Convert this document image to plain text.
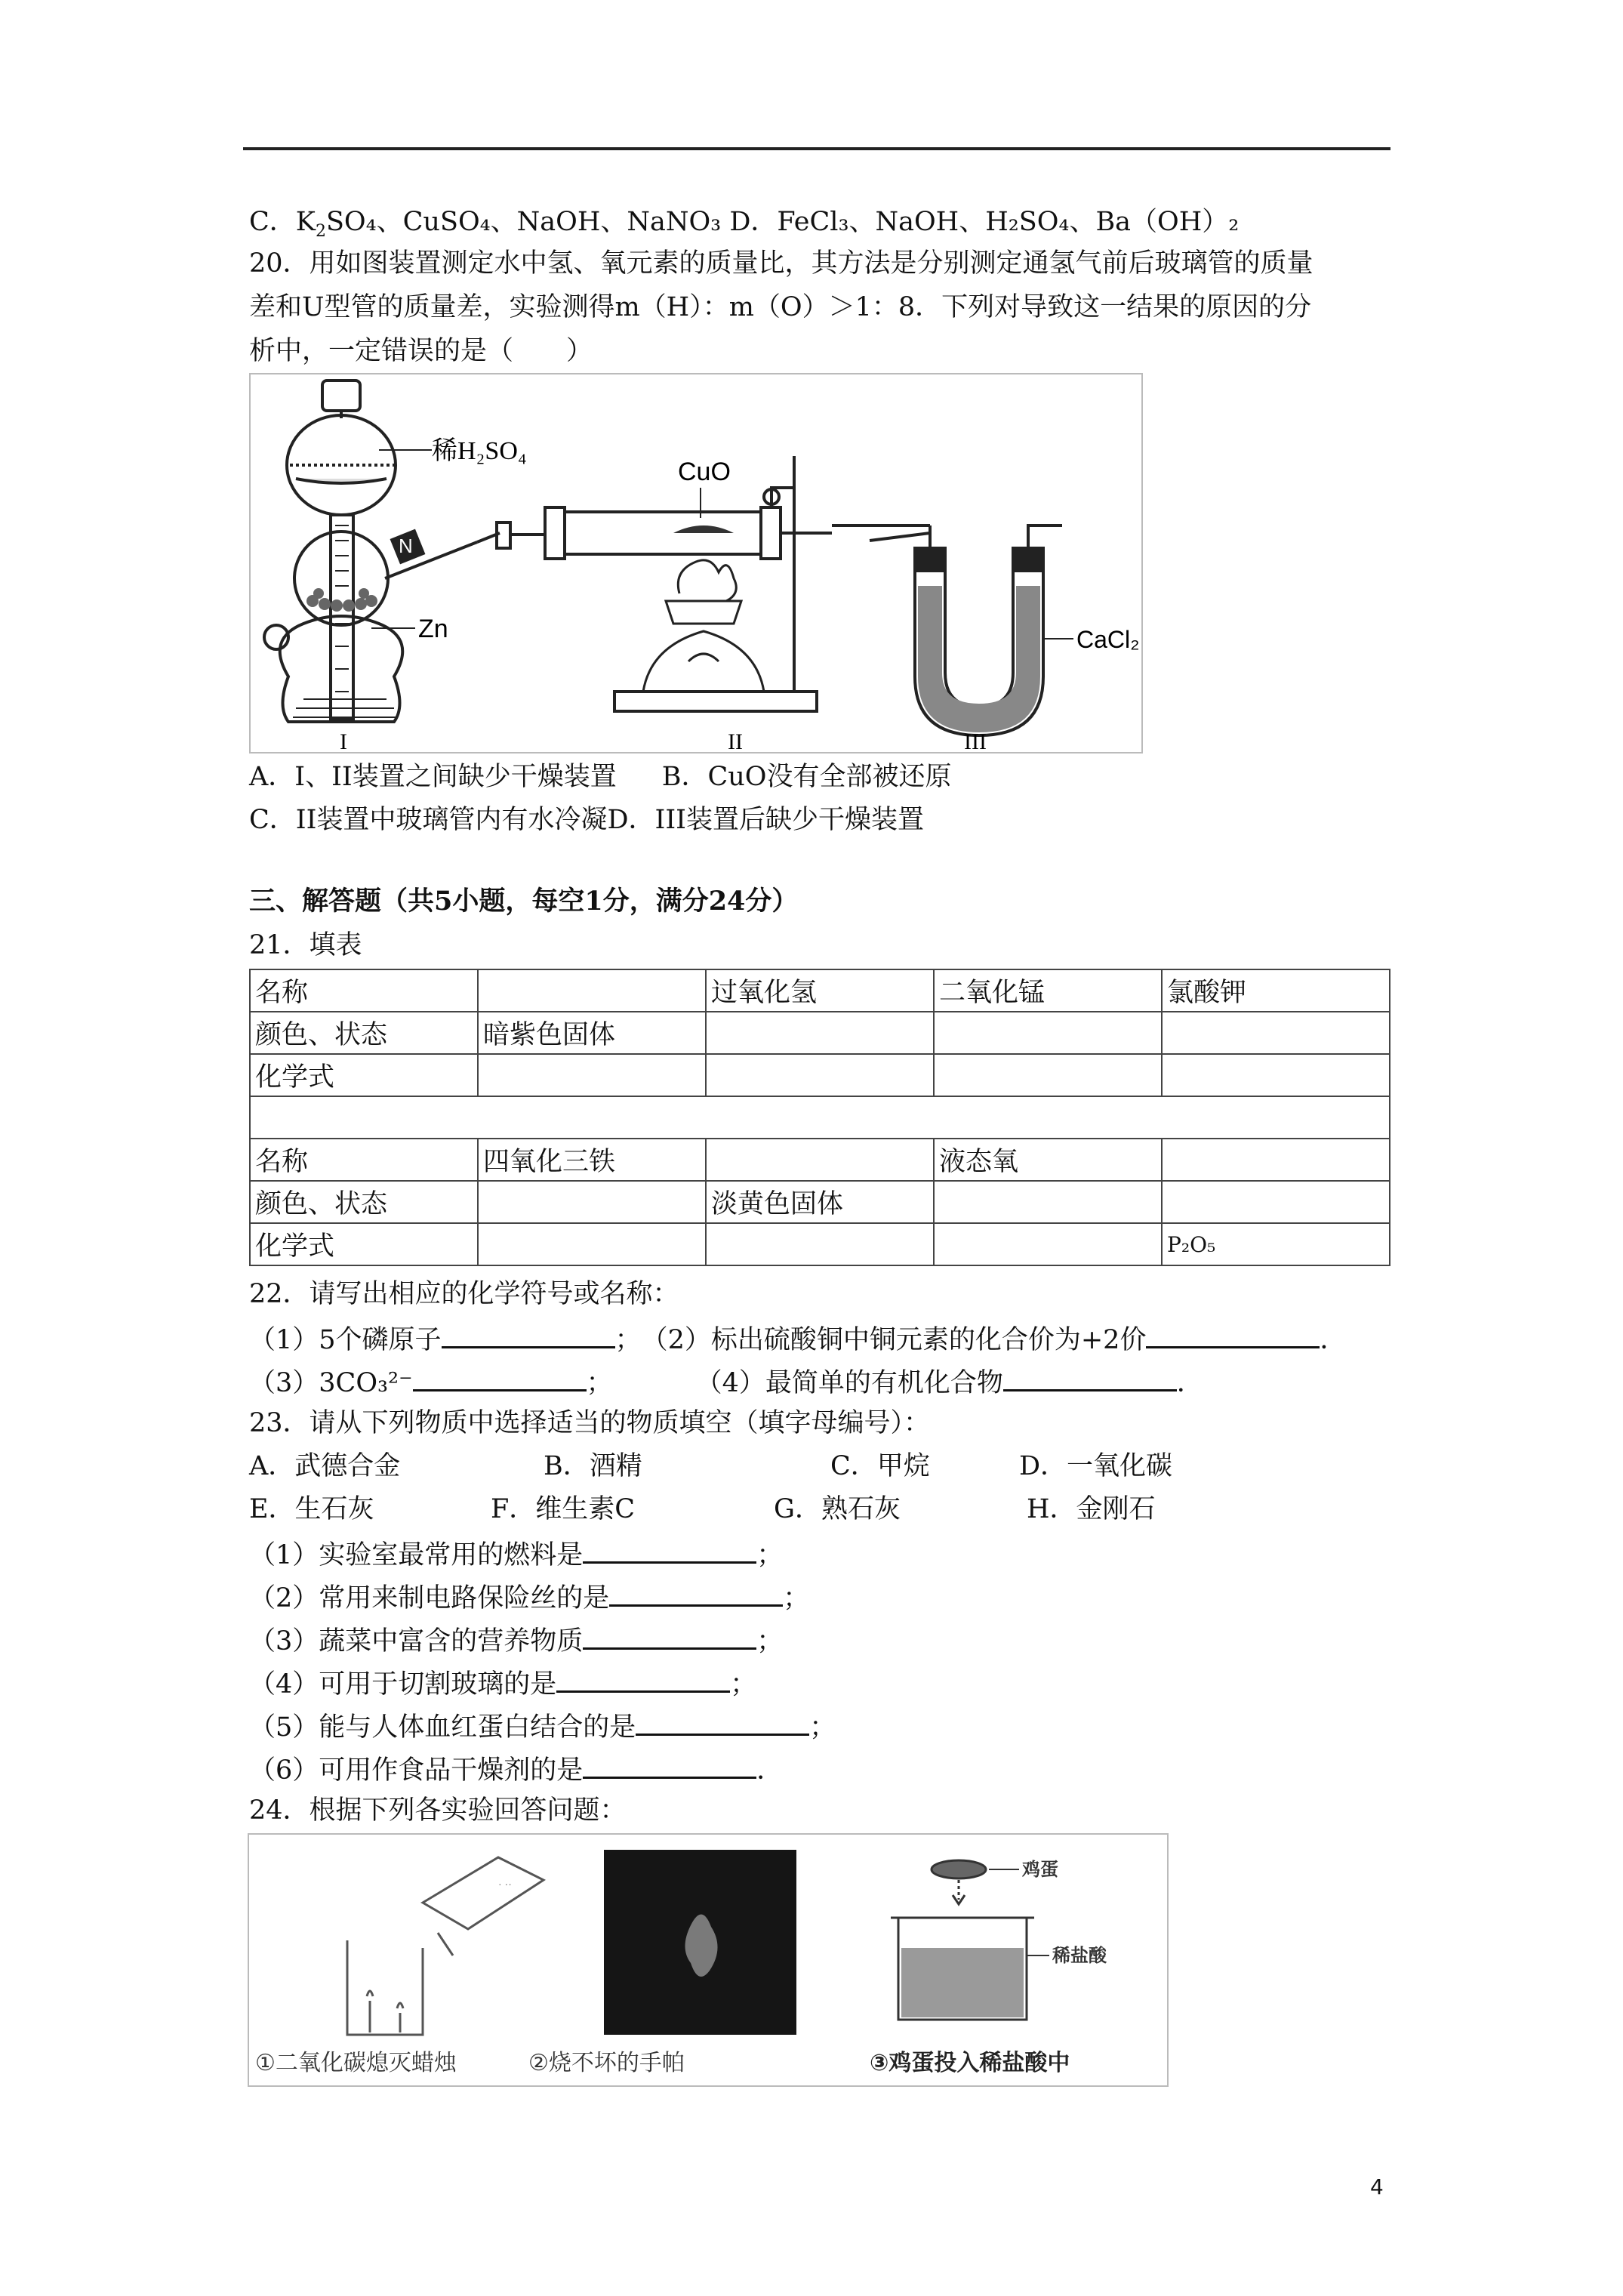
C．$K_2SO_4$、CuSO₄、NaOH、NaNO₃ D．FeCl₃、NaOH、H₂SO₄、Ba（OH）₂
20．用如图装置测定水中氢、氧元素的质量比，其方法是分别测定通氢气前后玻璃管的质量
差和U型管的质量差，实验测得m（H）：m（O）＞1：8．下列对导致这一结果的原因的分
析中，一定错误的是（　　）
N
稀H₂SO₄
Zn
CuO
CaCl₂
I	II	III
A．I、II装置之间缺少干燥装置 B．CuO没有全部被还原
C．II装置中玻璃管内有水冷凝D．III装置后缺少干燥装置
三、解答题（共5小题，每空1分，满分24分）
21．填表
名称		过氧化氢	二氧化锰	氯酸钾
颜色、状态	暗紫色固体			
化学式				

名称	四氧化三铁		液态氧	
颜色、状态		淡黄色固体		
化学式				P₂O₅
22．请写出相应的化学符号或名称：
（1）5个磷原子	；　 （2）标出硫酸铜中铜元素的化合价为+2价	．
（3）3CO₃²⁻	；	（4）最简单的有机化合物	．
23．请从下列物质中选择适当的物质填空（填字母编号）：
A．武德合金	B．酒精	C．甲烷	D．一氧化碳
E．生石灰	F．维生素C	G．熟石灰	H．金刚石
（1）实验室最常用的燃料是	；
（2）常用来制电路保险丝的是	；
（3）蔬菜中富含的营养物质	；
（4）可用于切割玻璃的是	；
（5）能与人体血红蛋白结合的是	；
（6）可用作食品干燥剂的是	．
24．根据下列各实验回答问题：
· ··
鸡蛋
稀盐酸
①二氧化碳熄灭蜡烛	②烧不坏的手帕	③鸡蛋投入稀盐酸中
4
